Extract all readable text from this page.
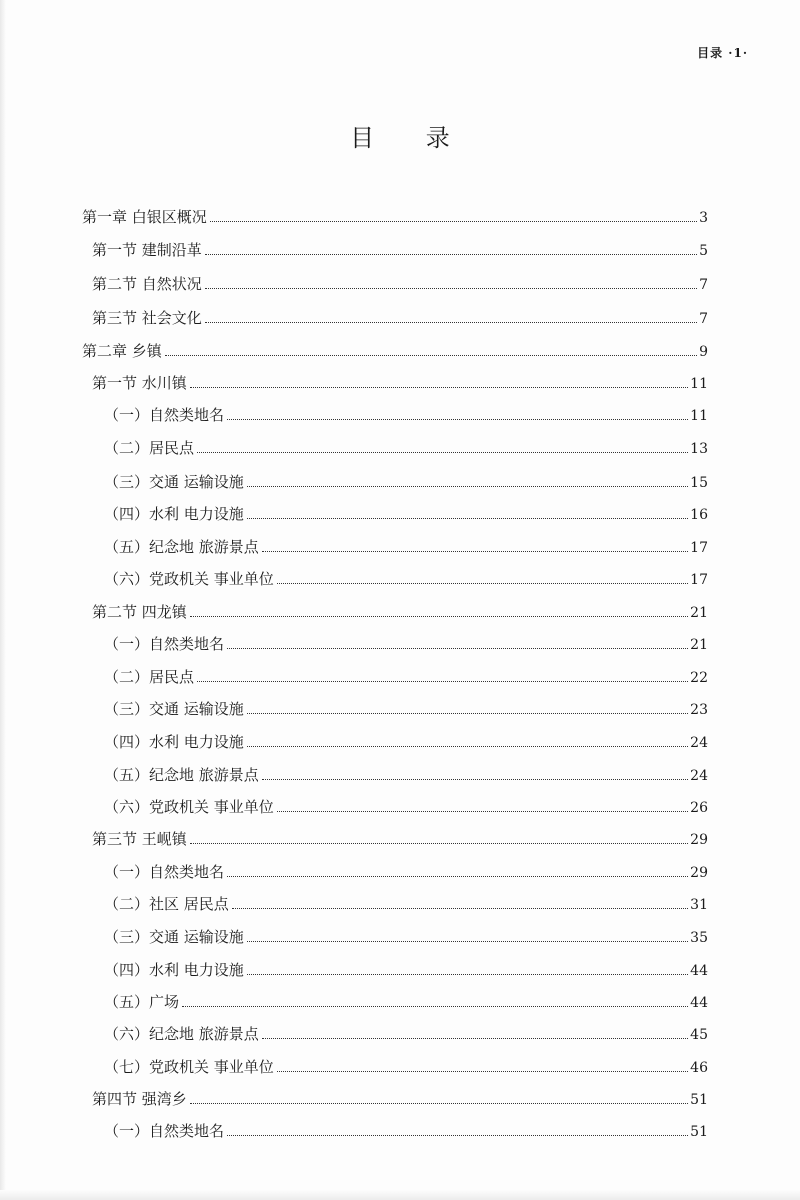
目录 ·1·
目 录
第一章 白银区概况	3
第一节 建制沿革	5
第二节 自然状况	7
第三节 社会文化	7
第二章 乡镇	9
第一节 水川镇	11
（一）自然类地名	11
（二）居民点	13
（三）交通 运输设施	15
（四）水利 电力设施	16
（五）纪念地 旅游景点	17
（六）党政机关 事业单位	17
第二节 四龙镇	21
（一）自然类地名	21
（二）居民点	22
（三）交通 运输设施	23
（四）水利 电力设施	24
（五）纪念地 旅游景点	24
（六）党政机关 事业单位	26
第三节 王岘镇	29
（一）自然类地名	29
（二）社区 居民点	31
（三）交通 运输设施	35
（四）水利 电力设施	44
（五）广场	44
（六）纪念地 旅游景点	45
（七）党政机关 事业单位	46
第四节 强湾乡	51
（一）自然类地名	51
